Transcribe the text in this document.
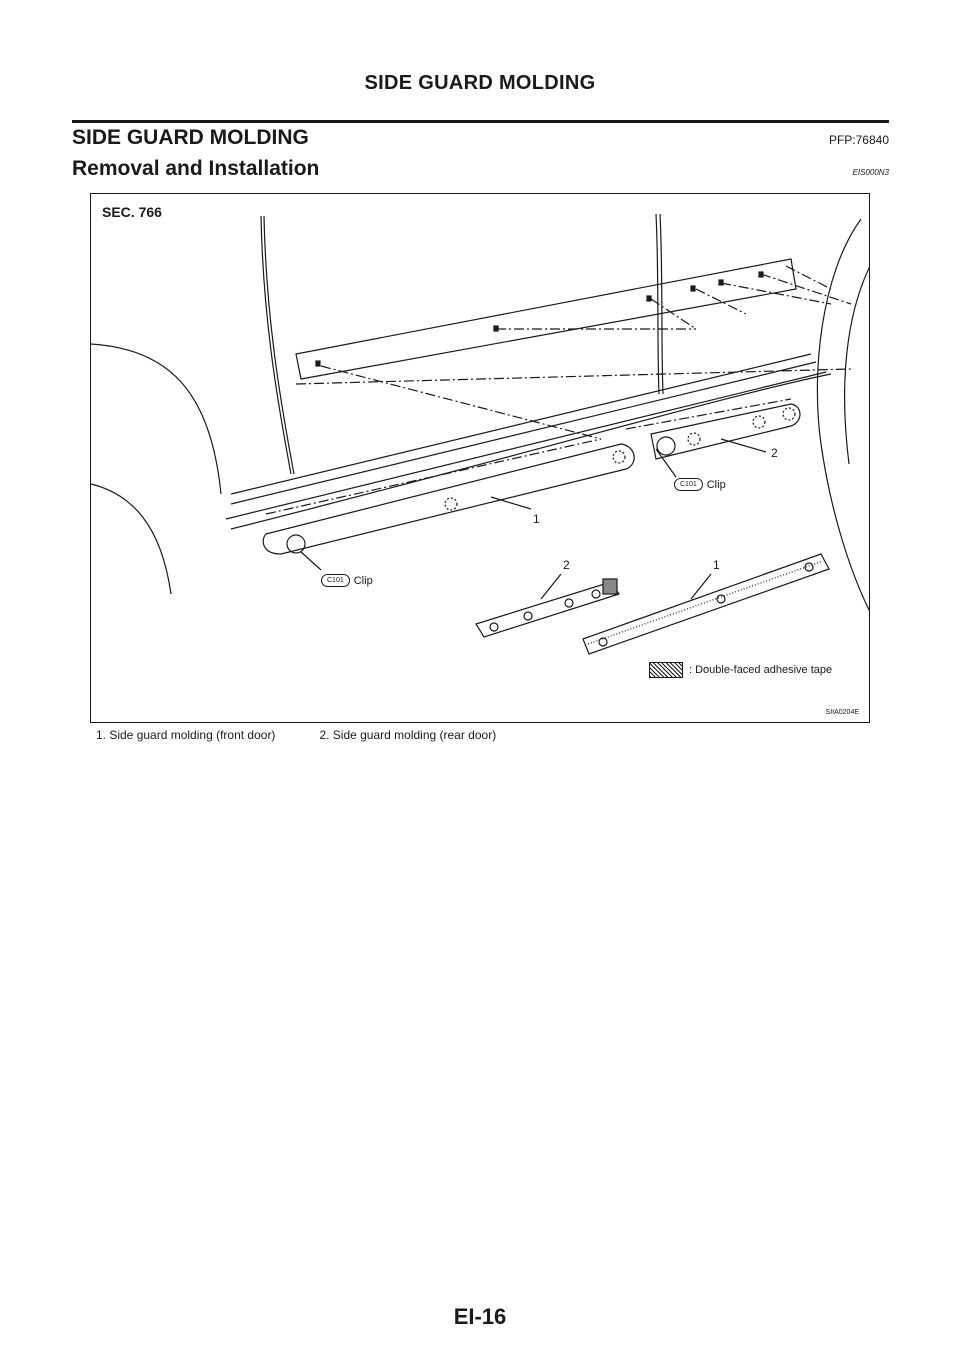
SIDE GUARD MOLDING
SIDE GUARD MOLDING	PFP:76840
Removal and Installation	EIS000N3
SEC. 766
1
2
2	1
C101 Clip
C101 Clip
: Double-faced adhesive tape
SIIA0204E
1. Side guard molding (front door)	2. Side guard molding (rear door)
EI-16
